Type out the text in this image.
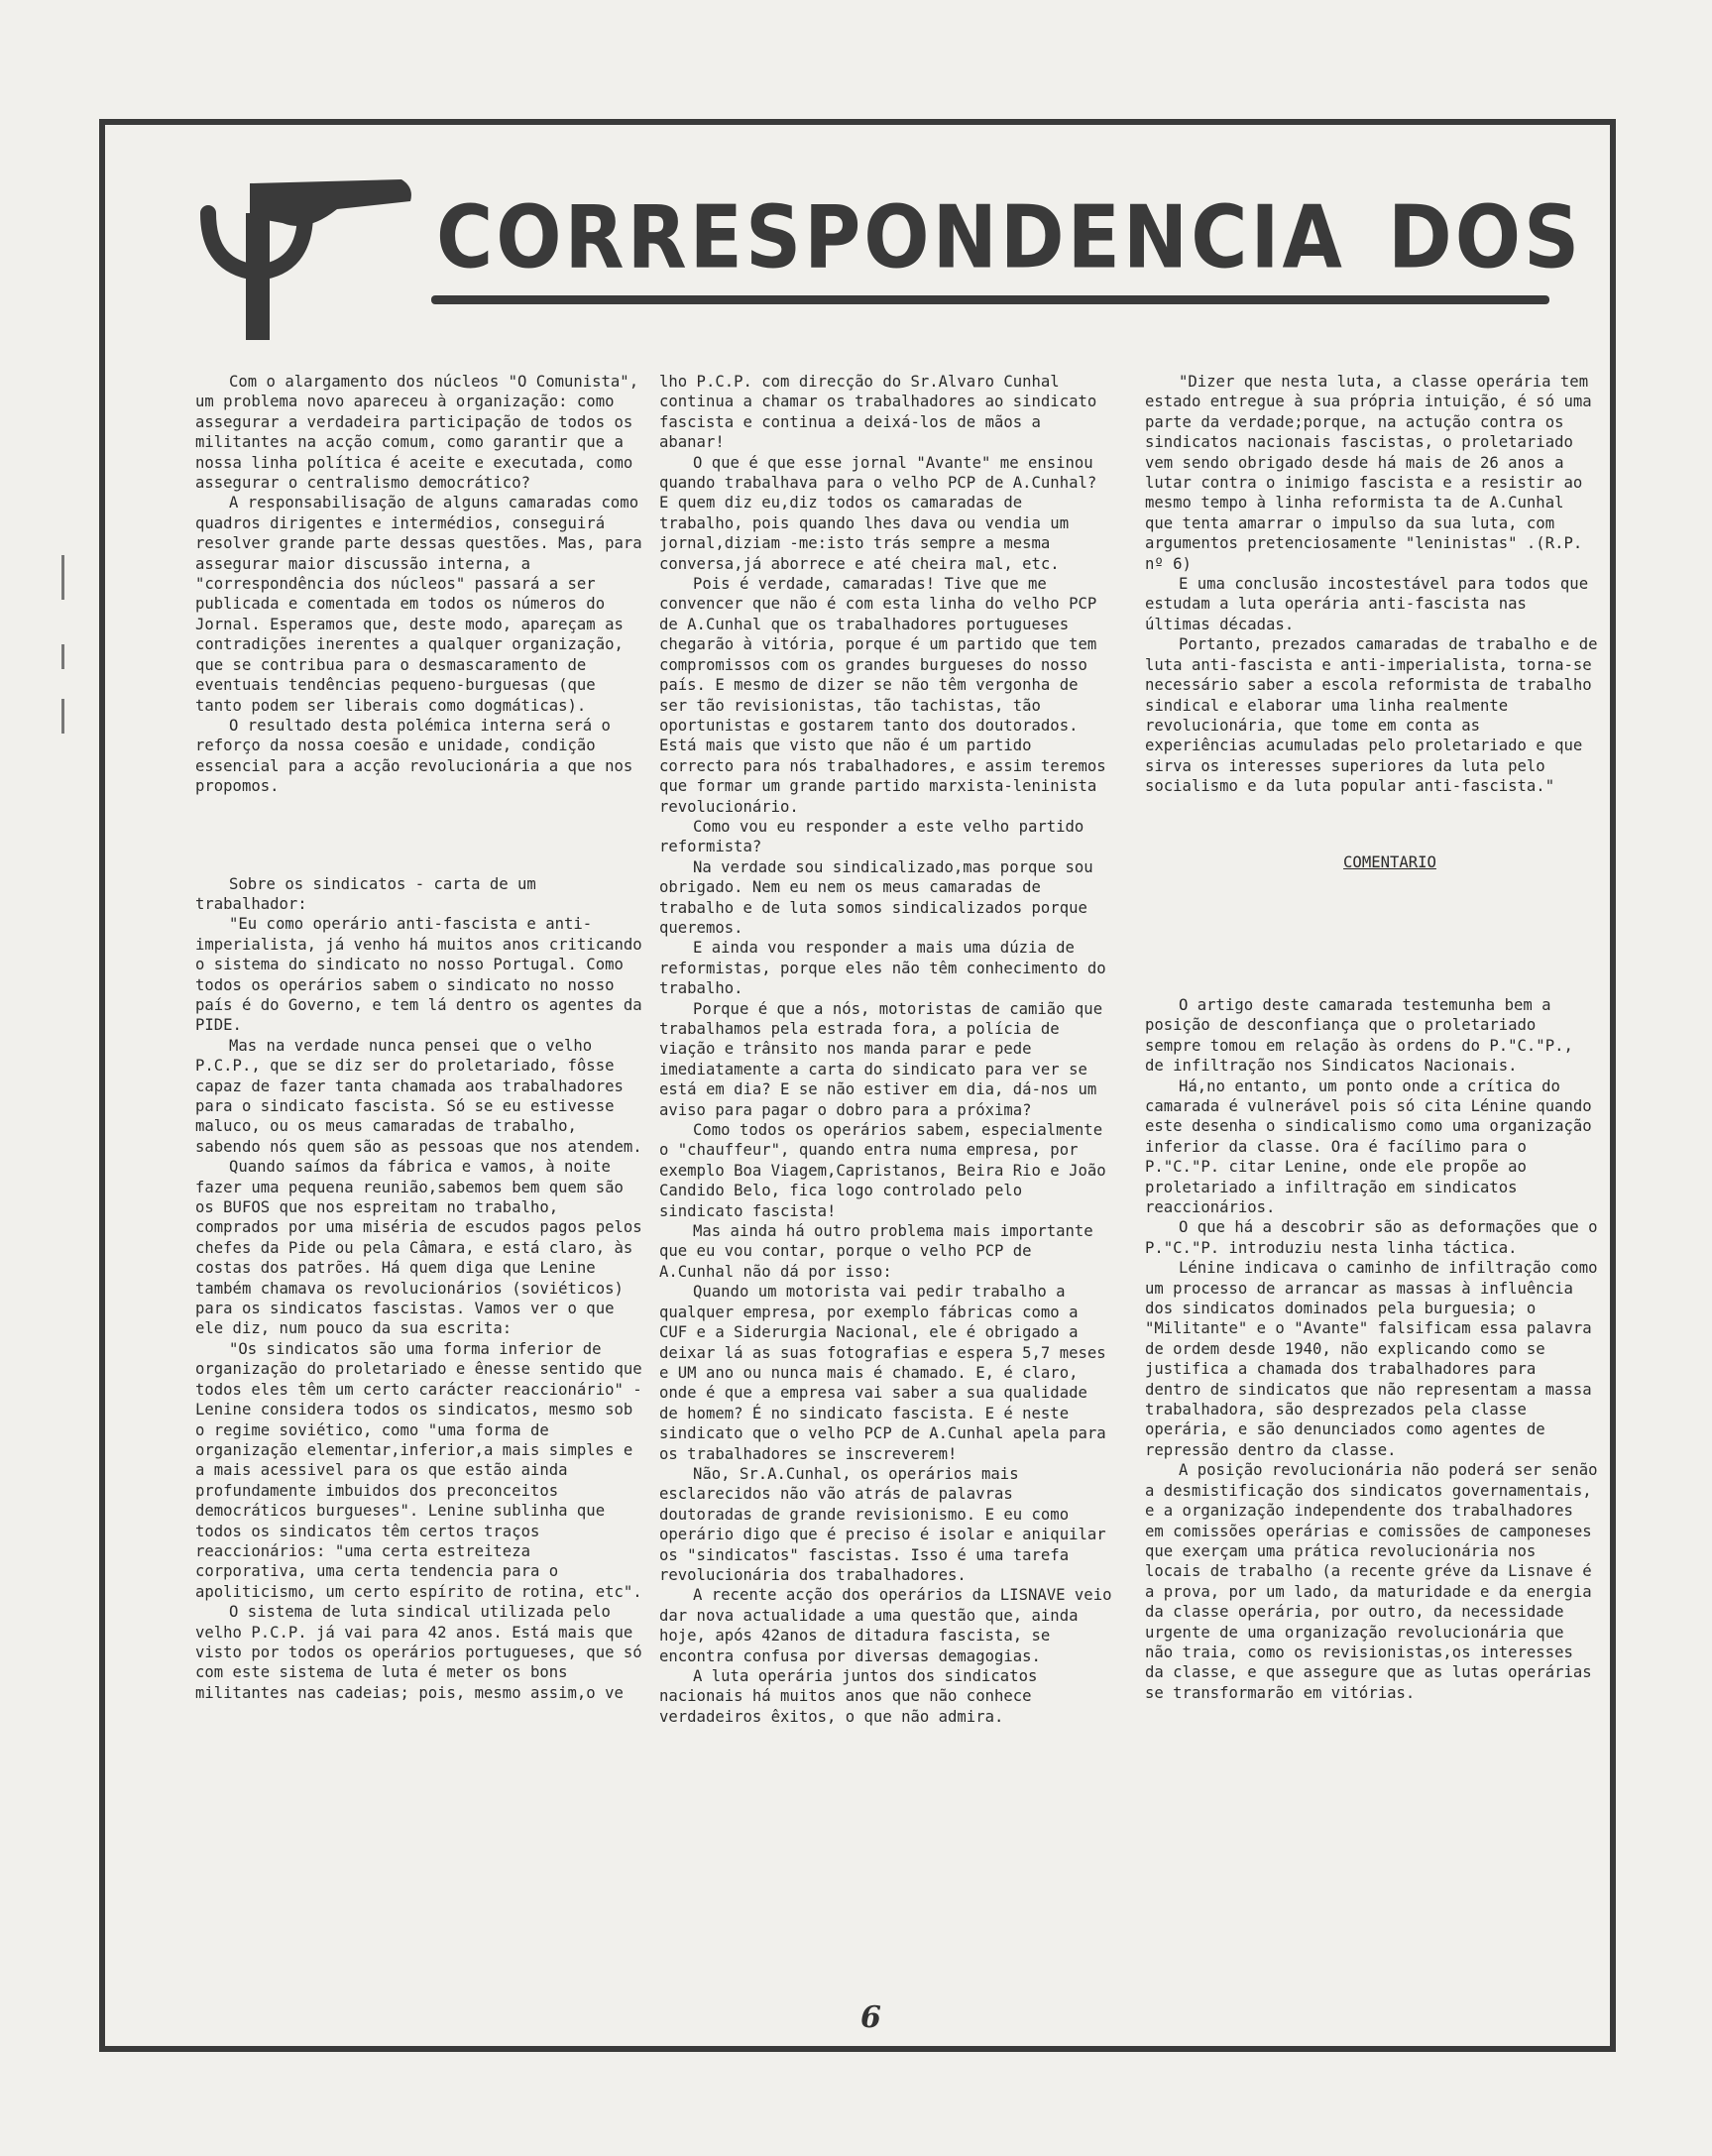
CORRESPONDENCIA DOS

Com o alargamento dos núcleos "O Comunista", um problema novo apareceu à organização: como assegurar a verdadeira participação de todos os militantes na acção comum, como garantir que a nossa linha política é aceite e executada, como assegurar o centralismo democrático?

A responsabilisação de alguns camaradas como quadros dirigentes e intermédios, conseguirá resolver grande parte dessas questões. Mas, para assegurar maior discussão interna, a "correspondência dos núcleos" passará a ser publicada e comentada em todos os números do Jornal. Esperamos que, deste modo, apareçam as contradições inerentes a qualquer organização, que se contribua para o desmascaramento de eventuais tendências pequeno-burguesas (que tanto podem ser liberais como dogmáticas).

O resultado desta polémica interna será o reforço da nossa coesão e unidade, condição essencial para a acção revolucionária a que nos propomos.

Sobre os sindicatos - carta de um trabalhador:

"Eu como operário anti-fascista e anti-imperialista, já venho há muitos anos criticando o sistema do sindicato no nosso Portugal. Como todos os operários sabem o sindicato no nosso país é do Governo, e tem lá dentro os agentes da PIDE.

Mas na verdade nunca pensei que o velho P.C.P., que se diz ser do proletariado, fôsse capaz de fazer tanta chamada aos trabalhadores para o sindicato fascista. Só se eu estivesse maluco, ou os meus camaradas de trabalho, sabendo nós quem são as pessoas que nos atendem.

Quando saímos da fábrica e vamos, à noite fazer uma pequena reunião,sabemos bem quem são os BUFOS que nos espreitam no trabalho, comprados por uma miséria de escudos pagos pelos chefes da Pide ou pela Câmara, e está claro, às costas dos patrões. Há quem diga que Lenine também chamava os revolucionários (soviéticos) para os sindicatos fascistas. Vamos ver o que ele diz, num pouco da sua escrita:

"Os sindicatos são uma forma inferior de organização do proletariado e ênesse sentido que todos eles têm um certo carácter reaccionário" - Lenine considera todos os sindicatos, mesmo sob o regime soviético, como "uma forma de organização elementar,inferior,a mais simples e a mais acessivel para os que estão ainda profundamente imbuidos dos preconceitos democráticos burgueses". Lenine sublinha que todos os sindicatos têm certos traços reaccionários: "uma certa estreiteza corporativa, uma certa tendencia para o apoliticismo, um certo espírito de rotina, etc".

O sistema de luta sindical utilizada pelo velho P.C.P. já vai para 42 anos. Está mais que visto por todos os operários portugueses, que só com este sistema de luta é meter os bons militantes nas cadeias; pois, mesmo assim,o ve

lho P.C.P. com direcção do Sr.Alvaro Cunhal continua a chamar os trabalhadores ao sindicato fascista e continua a deixá-los de mãos a abanar!

O que é que esse jornal "Avante" me ensinou quando trabalhava para o velho PCP de A.Cunhal? E quem diz eu,diz todos os camaradas de trabalho, pois quando lhes dava ou vendia um jornal,diziam -me:isto trás sempre a mesma conversa,já aborrece e até cheira mal, etc.

Pois é verdade, camaradas! Tive que me convencer que não é com esta linha do velho PCP de A.Cunhal que os trabalhadores portugueses chegarão à vitória, porque é um partido que tem compromissos com os grandes burgueses do nosso país. E mesmo de dizer se não têm vergonha de ser tão revisionistas, tão tachistas, tão oportunistas e gostarem tanto dos doutorados. Está mais que visto que não é um partido correcto para nós trabalhadores, e assim teremos que formar um grande partido marxista-leninista revolucionário.

Como vou eu responder a este velho partido reformista?

Na verdade sou sindicalizado,mas porque sou obrigado. Nem eu nem os meus camaradas de trabalho e de luta somos sindicalizados porque queremos.

E ainda vou responder a mais uma dúzia de reformistas, porque eles não têm conhecimento do trabalho.

Porque é que a nós, motoristas de camião que trabalhamos pela estrada fora, a polícia de viação e trânsito nos manda parar e pede imediatamente a carta do sindicato para ver se está em dia? E se não estiver em dia, dá-nos um aviso para pagar o dobro para a próxima?

Como todos os operários sabem, especialmente o "chauffeur", quando entra numa empresa, por exemplo Boa Viagem,Capristanos, Beira Rio e João Candido Belo, fica logo controlado pelo sindicato fascista!

Mas ainda há outro problema mais importante que eu vou contar, porque o velho PCP de A.Cunhal não dá por isso:

Quando um motorista vai pedir trabalho a qualquer empresa, por exemplo fábricas como a CUF e a Siderurgia Nacional, ele é obrigado a deixar lá as suas fotografias e espera 5,7 meses e UM ano ou nunca mais é chamado. E, é claro, onde é que a empresa vai saber a sua qualidade de homem? É no sindicato fascista. E é neste sindicato que o velho PCP de A.Cunhal apela para os trabalhadores se inscreverem!

Não, Sr.A.Cunhal, os operários mais esclarecidos não vão atrás de palavras doutoradas de grande revisionismo. E eu como operário digo que é preciso é isolar e aniquilar os "sindicatos" fascistas. Isso é uma tarefa revolucionária dos trabalhadores.

A recente acção dos operários da LISNAVE veio dar nova actualidade a uma questão que, ainda hoje, após 42anos de ditadura fascista, se encontra confusa por diversas demagogias.

A luta operária juntos dos sindicatos nacionais há muitos anos que não conhece verdadeiros êxitos, o que não admira.

"Dizer que nesta luta, a classe operária tem estado entregue à sua própria intuição, é só uma parte da verdade;porque, na actução contra os sindicatos nacionais fascistas, o proletariado vem sendo obrigado desde há mais de 26 anos a lutar contra o inimigo fascista e a resistir ao mesmo tempo à linha reformista ta de A.Cunhal que tenta amarrar o impulso da sua luta, com argumentos pretenciosamente "leninistas" .(R.P. nº 6)

E uma conclusão incostestável para todos que estudam a luta operária anti-fascista nas últimas décadas.

Portanto, prezados camaradas de trabalho e de luta anti-fascista e anti-imperialista, torna-se necessário saber a escola reformista de trabalho sindical e elaborar uma linha realmente revolucionária, que tome em conta as experiências acumuladas pelo proletariado e que sirva os interesses superiores da luta pelo socialismo e da luta popular anti-fascista."

COMENTARIO

O artigo deste camarada testemunha bem a posição de desconfiança que o proletariado sempre tomou em relação às ordens do P."C."P., de infiltração nos Sindicatos Nacionais.

Há,no entanto, um ponto onde a crítica do camarada é vulnerável pois só cita Lénine quando este desenha o sindicalismo como uma organização inferior da classe. Ora é facílimo para o P."C."P. citar Lenine, onde ele propõe ao proletariado a infiltração em sindicatos reaccionários.

O que há a descobrir são as deformações que o P."C."P. introduziu nesta linha táctica.

Lénine indicava o caminho de infiltração como um processo de arrancar as massas à influência dos sindicatos dominados pela burguesia; o "Militante" e o "Avante" falsificam essa palavra de ordem desde 1940, não explicando como se justifica a chamada dos trabalhadores para dentro de sindicatos que não representam a massa trabalhadora, são desprezados pela classe operária, e são denunciados como agentes de repressão dentro da classe.

A posição revolucionária não poderá ser senão a desmistificação dos sindicatos governamentais, e a organização independente dos trabalhadores em comissões operárias e comissões de camponeses que exerçam uma prática revolucionária nos locais de trabalho (a recente gréve da Lisnave é a prova, por um lado, da maturidade e da energia da classe operária, por outro, da necessidade urgente de uma organização revolucionária que não traia, como os revisionistas,os interesses da classe, e que assegure que as lutas operárias se transformarão em vitórias.

6
